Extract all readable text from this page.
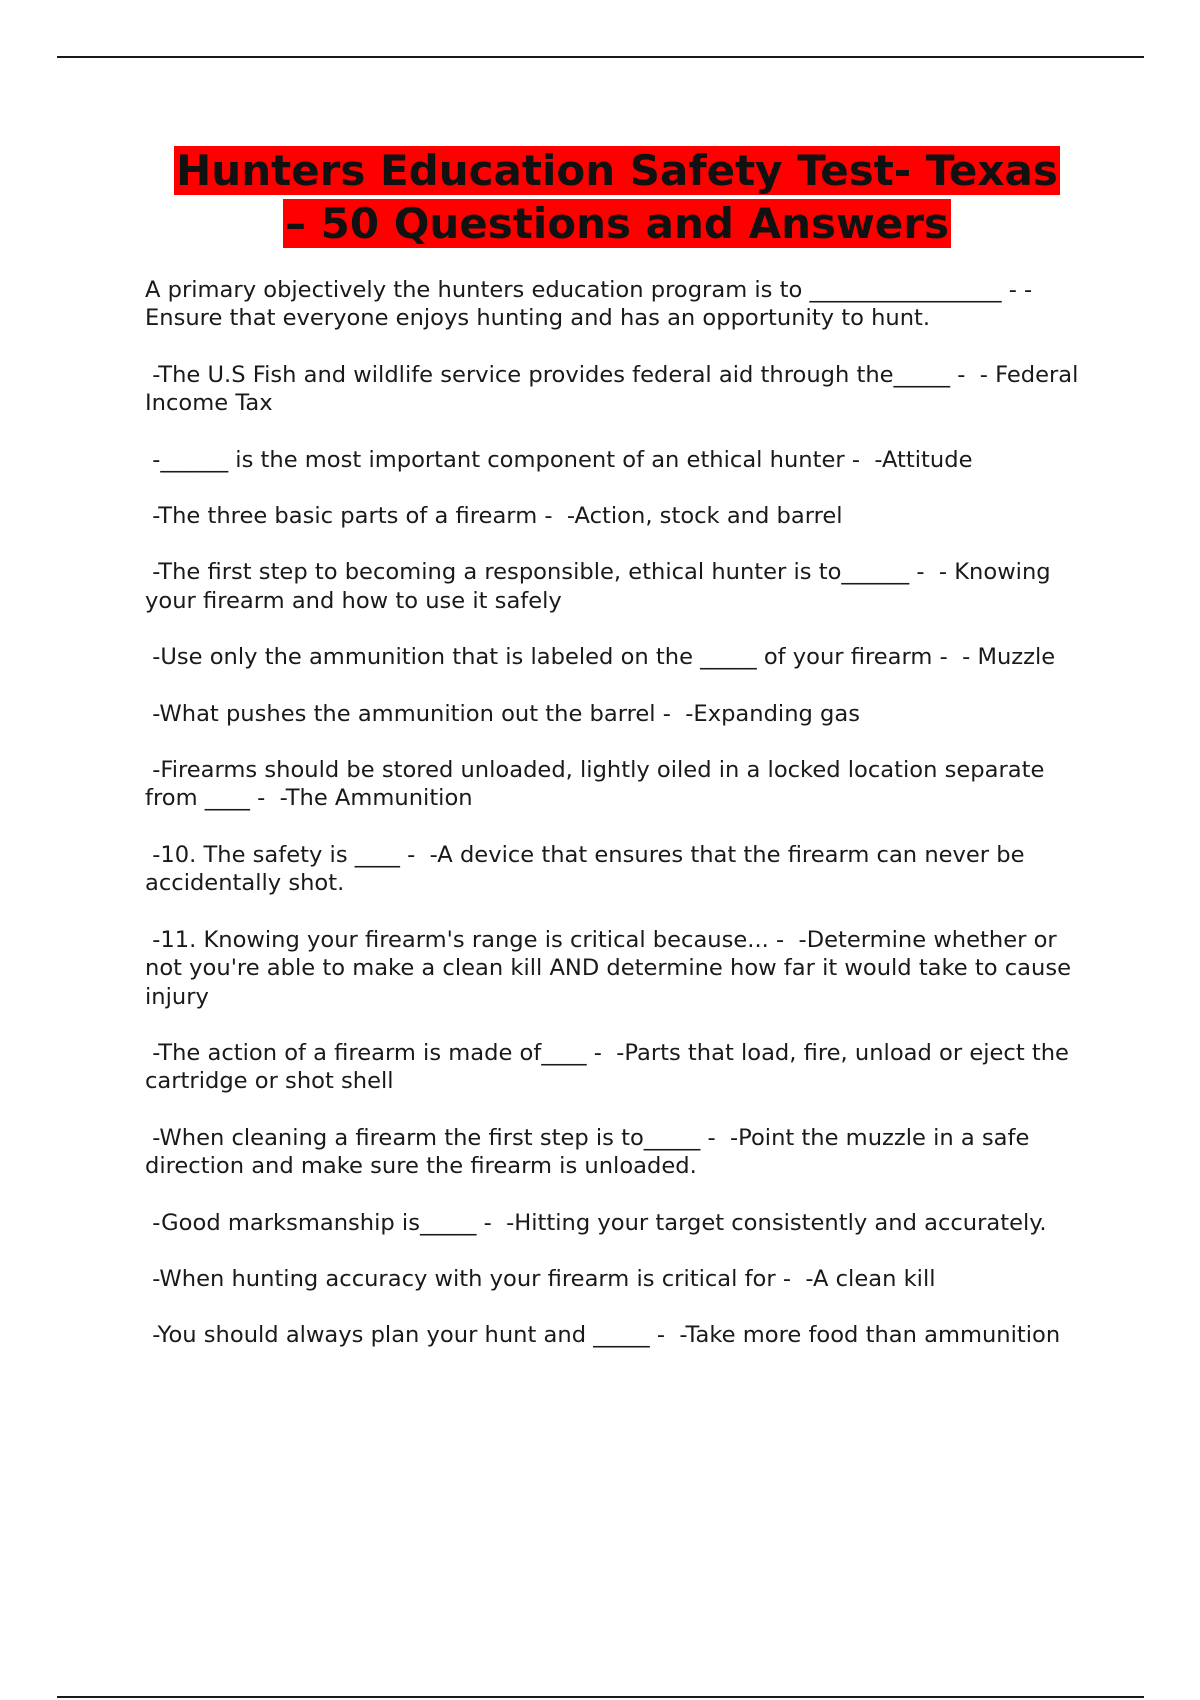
Hunters Education Safety Test- Texas
– 50 Questions and Answers

A primary objectively the hunters education program is to _________________ - -Ensure that everyone enjoys hunting and has an opportunity to hunt.

-The U.S Fish and wildlife service provides federal aid through the_____ -  - Federal Income Tax

-______ is the most important component of an ethical hunter -  -Attitude

-The three basic parts of a firearm -  -Action, stock and barrel

-The first step to becoming a responsible, ethical hunter is to______ -  - Knowing your firearm and how to use it safely

-Use only the ammunition that is labeled on the _____ of your firearm -  - Muzzle

-What pushes the ammunition out the barrel -  -Expanding gas

-Firearms should be stored unloaded, lightly oiled in a locked location separate from ____ -  -The Ammunition

-10. The safety is ____ -  -A device that ensures that the firearm can never be accidentally shot.

-11. Knowing your firearm's range is critical because... -  -Determine whether or not you're able to make a clean kill AND determine how far it would take to cause injury

-The action of a firearm is made of____ -  -Parts that load, fire, unload or eject the cartridge or shot shell

-When cleaning a firearm the first step is to_____ -  -Point the muzzle in a safe direction and make sure the firearm is unloaded.

-Good marksmanship is_____ -  -Hitting your target consistently and accurately.

-When hunting accuracy with your firearm is critical for -  -A clean kill

-You should always plan your hunt and _____ -  -Take more food than ammunition
